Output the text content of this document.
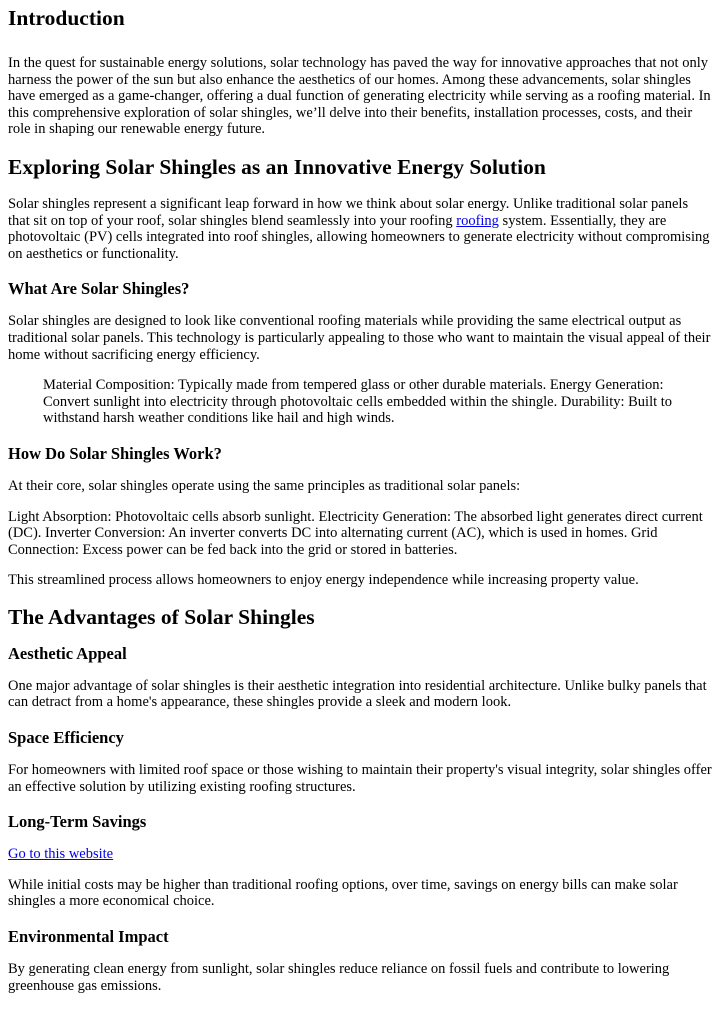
Introduction

In the quest for sustainable energy solutions, solar technology has paved the way for innovative approaches that not only harness the power of the sun but also enhance the aesthetics of our homes. Among these advancements, solar shingles have emerged as a game-changer, offering a dual function of generating electricity while serving as a roofing material. In this comprehensive exploration of solar shingles, we’ll delve into their benefits, installation processes, costs, and their role in shaping our renewable energy future.

Exploring Solar Shingles as an Innovative Energy Solution

Solar shingles represent a significant leap forward in how we think about solar energy. Unlike traditional solar panels that sit on top of your roof, solar shingles blend seamlessly into your roofing roofing system. Essentially, they are photovoltaic (PV) cells integrated into roof shingles, allowing homeowners to generate electricity without compromising on aesthetics or functionality.

What Are Solar Shingles?

Solar shingles are designed to look like conventional roofing materials while providing the same electrical output as traditional solar panels. This technology is particularly appealing to those who want to maintain the visual appeal of their home without sacrificing energy efficiency.

Material Composition: Typically made from tempered glass or other durable materials. Energy Generation: Convert sunlight into electricity through photovoltaic cells embedded within the shingle. Durability: Built to withstand harsh weather conditions like hail and high winds.
How Do Solar Shingles Work?

At their core, solar shingles operate using the same principles as traditional solar panels:

Light Absorption: Photovoltaic cells absorb sunlight. Electricity Generation: The absorbed light generates direct current (DC). Inverter Conversion: An inverter converts DC into alternating current (AC), which is used in homes. Grid Connection: Excess power can be fed back into the grid or stored in batteries.

This streamlined process allows homeowners to enjoy energy independence while increasing property value.

The Advantages of Solar Shingles
Aesthetic Appeal

One major advantage of solar shingles is their aesthetic integration into residential architecture. Unlike bulky panels that can detract from a home's appearance, these shingles provide a sleek and modern look.

Space Efficiency

For homeowners with limited roof space or those wishing to maintain their property's visual integrity, solar shingles offer an effective solution by utilizing existing roofing structures.

Long-Term Savings

Go to this website

While initial costs may be higher than traditional roofing options, over time, savings on energy bills can make solar shingles a more economical choice.

Environmental Impact

By generating clean energy from sunlight, solar shingles reduce reliance on fossil fuels and contribute to lowering greenhouse gas emissions.
